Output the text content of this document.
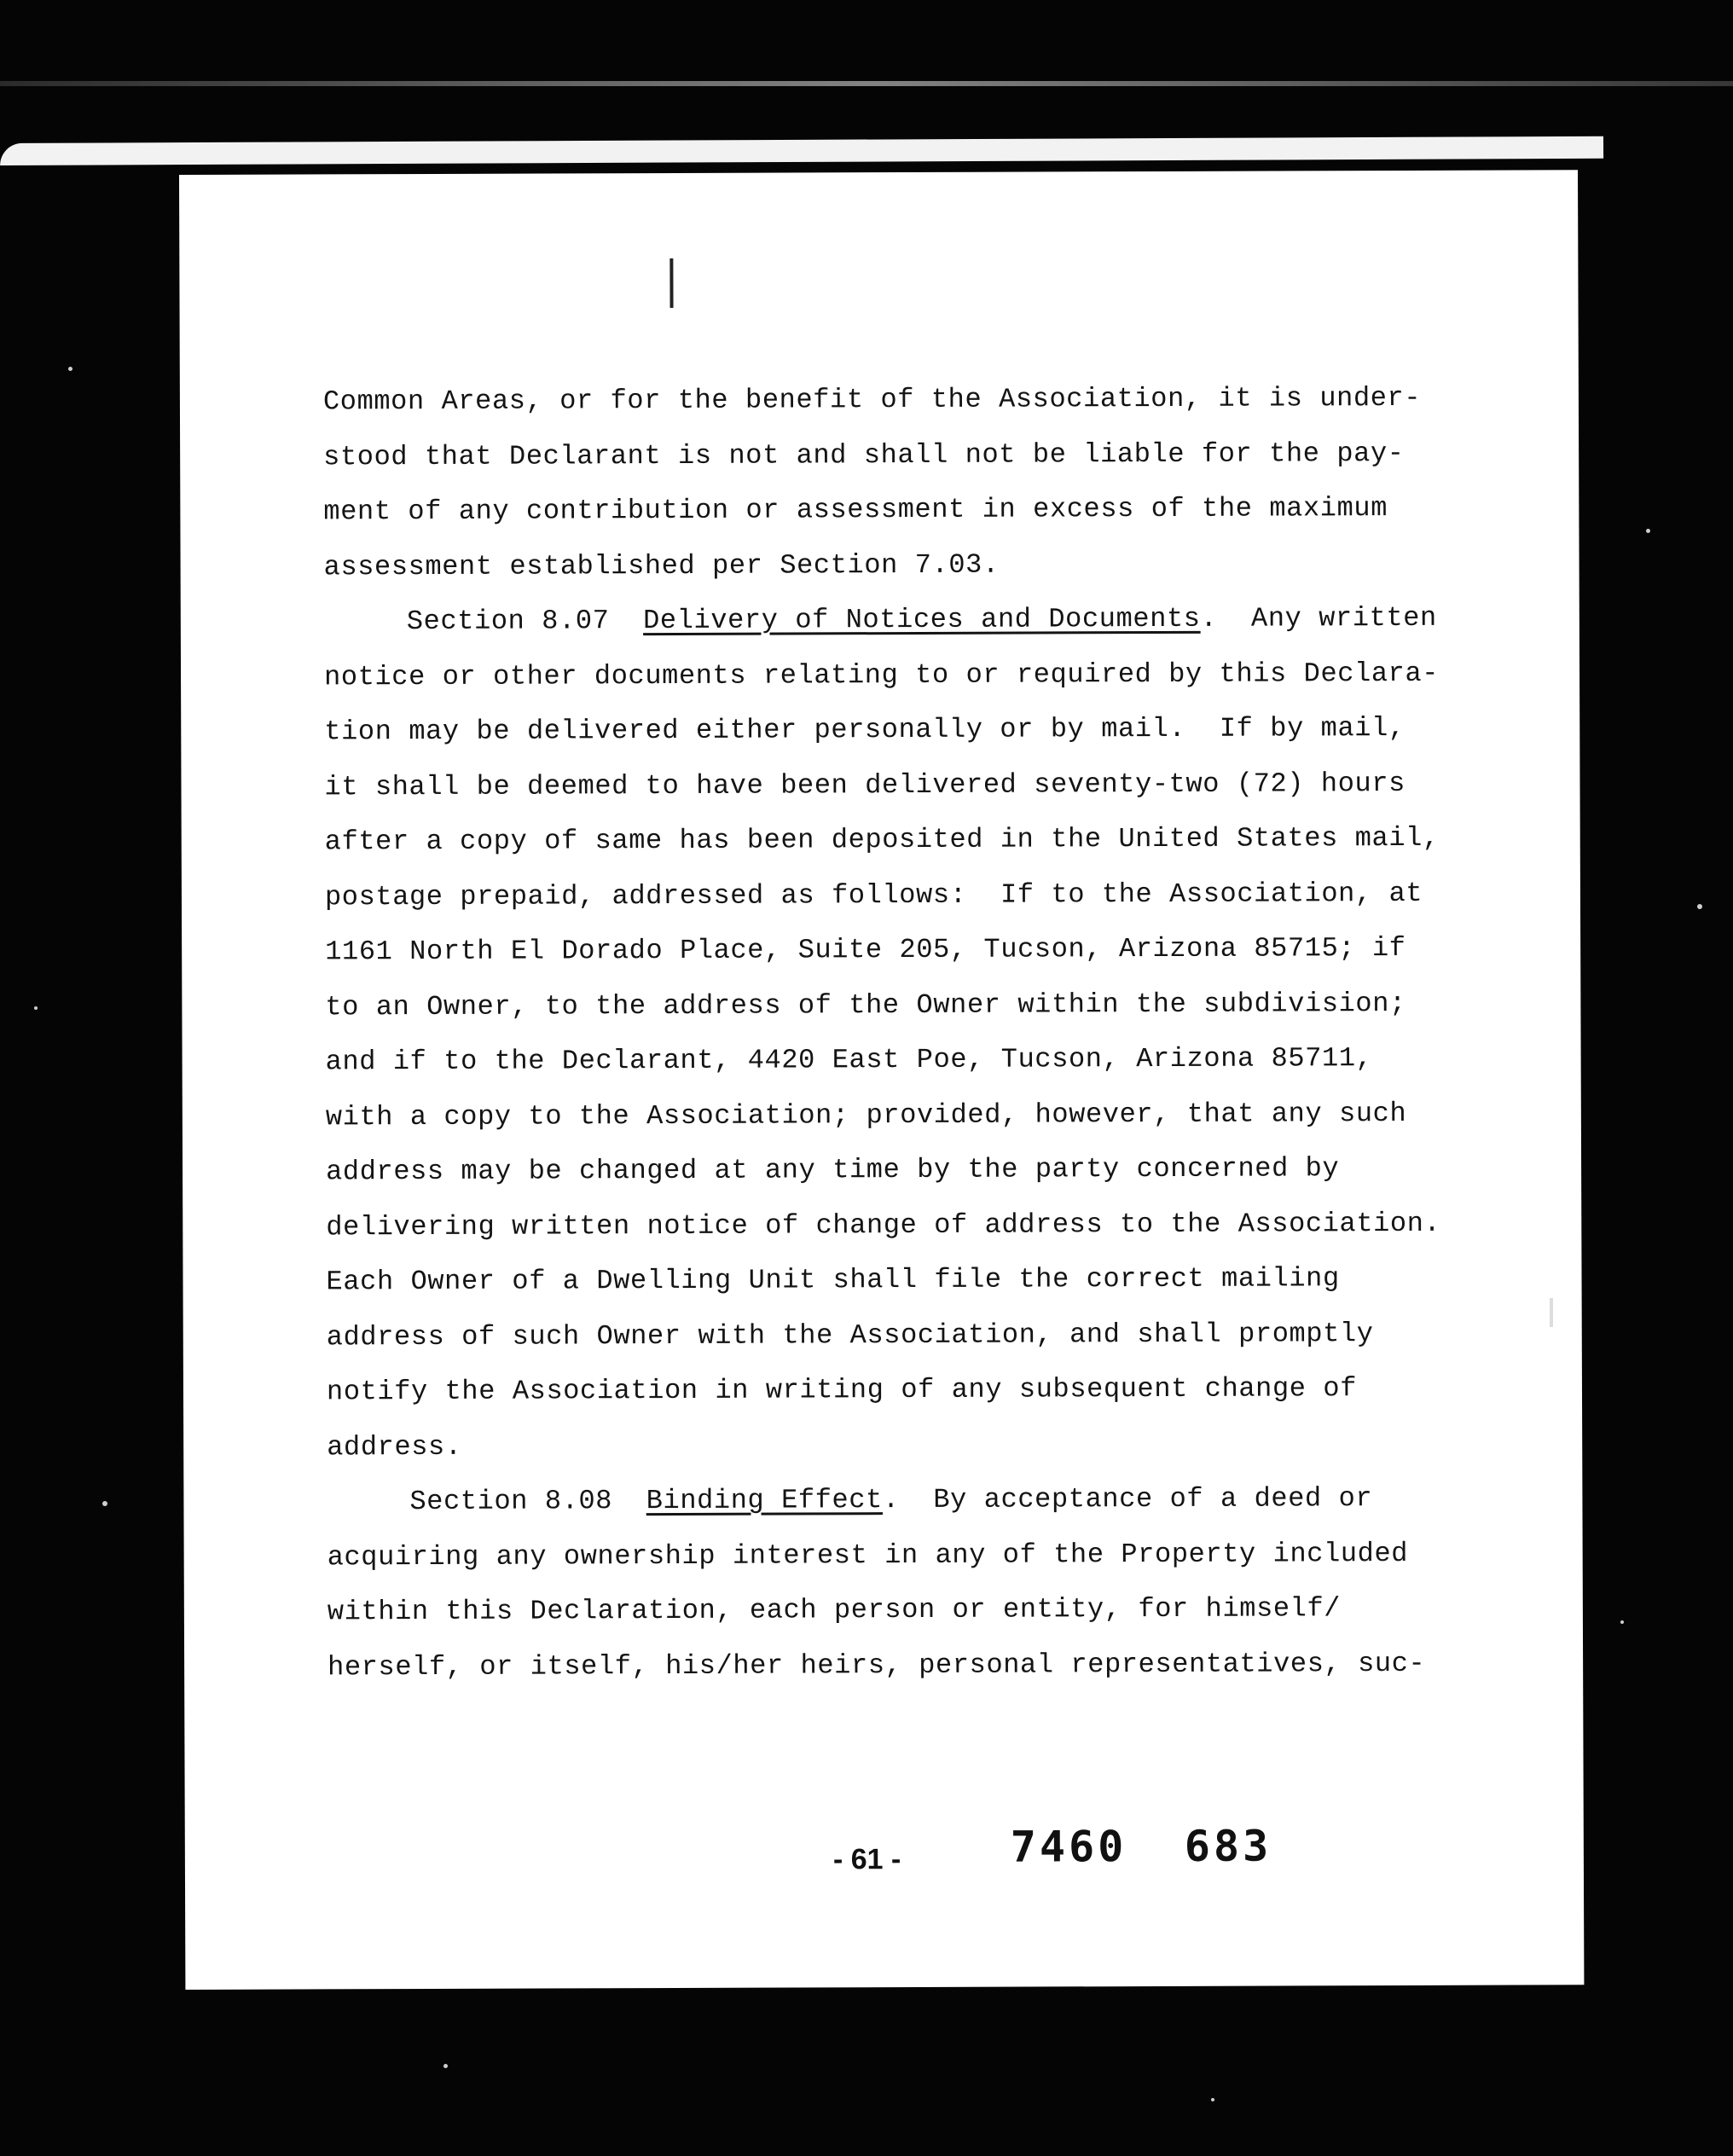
Common Areas, or for the benefit of the Association, it is under-
stood that Declarant is not and shall not be liable for the pay-
ment of any contribution or assessment in excess of the maximum
assessment established per Section 7.03.
Section 8.07  Delivery of Notices and Documents.  Any written
notice or other documents relating to or required by this Declara-
tion may be delivered either personally or by mail.  If by mail,
it shall be deemed to have been delivered seventy-two (72) hours
after a copy of same has been deposited in the United States mail,
postage prepaid, addressed as follows:  If to the Association, at
1161 North El Dorado Place, Suite 205, Tucson, Arizona 85715; if
to an Owner, to the address of the Owner within the subdivision;
and if to the Declarant, 4420 East Poe, Tucson, Arizona 85711,
with a copy to the Association; provided, however, that any such
address may be changed at any time by the party concerned by
delivering written notice of change of address to the Association.
Each Owner of a Dwelling Unit shall file the correct mailing
address of such Owner with the Association, and shall promptly
notify the Association in writing of any subsequent change of
address.
Section 8.08  Binding Effect.  By acceptance of a deed or
acquiring any ownership interest in any of the Property included
within this Declaration, each person or entity, for himself/
herself, or itself, his/her heirs, personal representatives, suc-
- 61 -	7460 683
